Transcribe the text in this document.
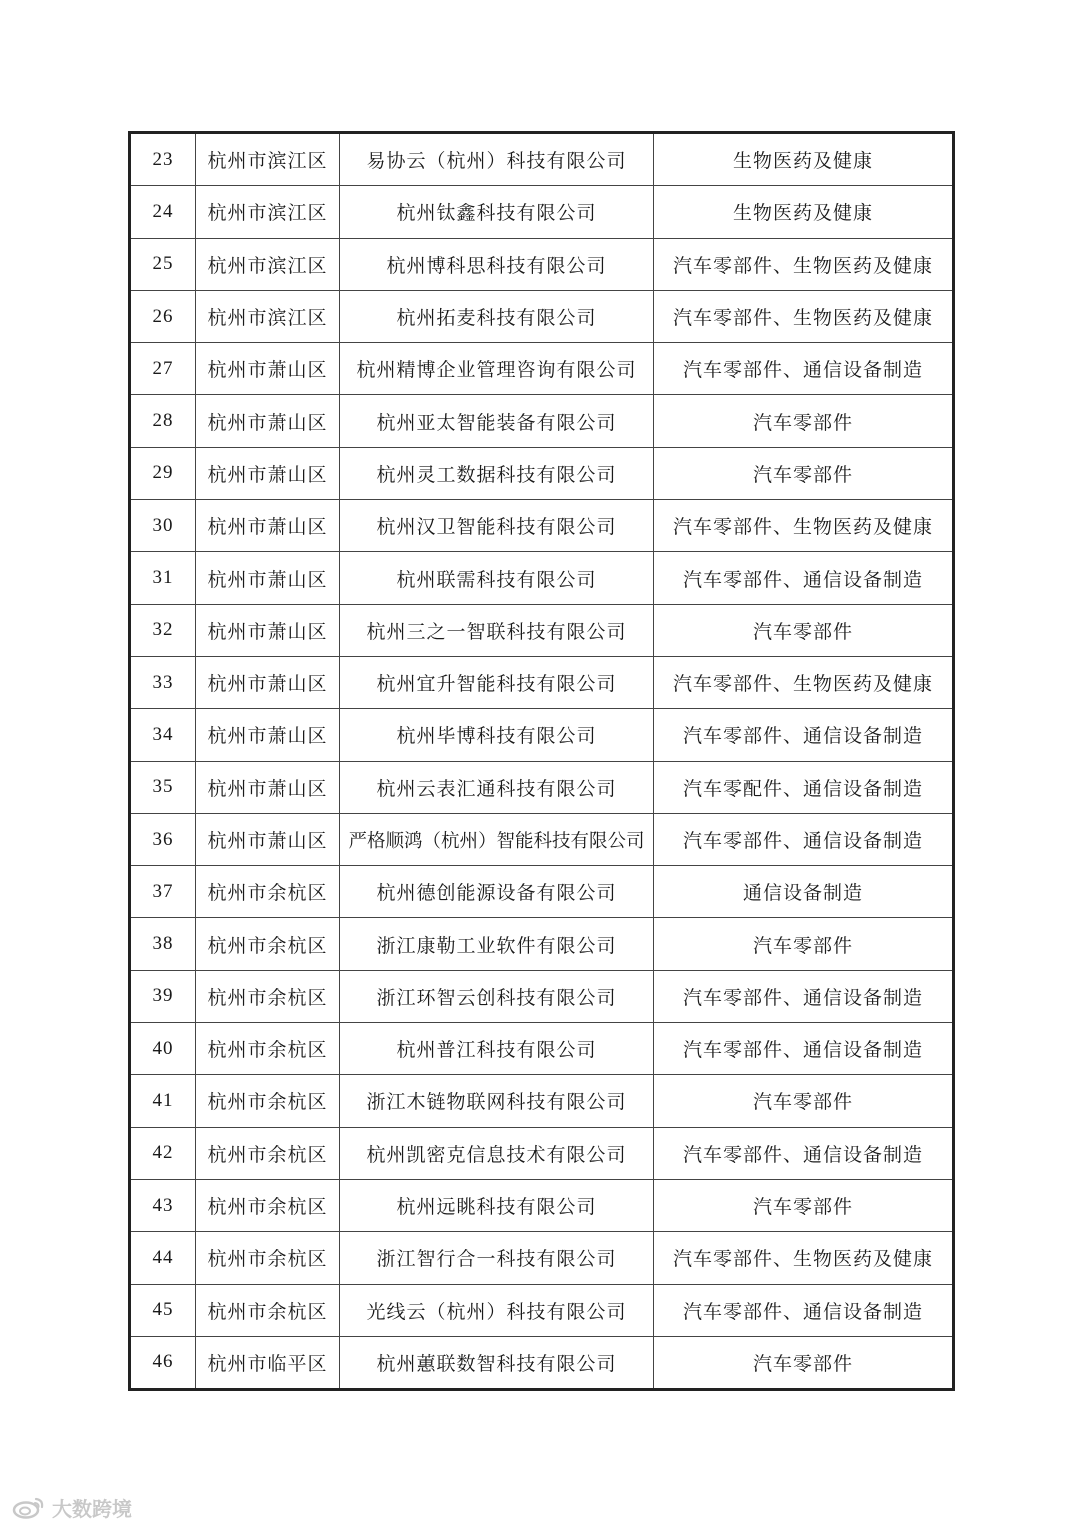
23	杭州市滨江区	易协云（杭州）科技有限公司	生物医药及健康
24	杭州市滨江区	杭州钛鑫科技有限公司	生物医药及健康
25	杭州市滨江区	杭州博科思科技有限公司	汽车零部件、生物医药及健康
26	杭州市滨江区	杭州拓麦科技有限公司	汽车零部件、生物医药及健康
27	杭州市萧山区	杭州精博企业管理咨询有限公司	汽车零部件、通信设备制造
28	杭州市萧山区	杭州亚太智能装备有限公司	汽车零部件
29	杭州市萧山区	杭州灵工数据科技有限公司	汽车零部件
30	杭州市萧山区	杭州汉卫智能科技有限公司	汽车零部件、生物医药及健康
31	杭州市萧山区	杭州联需科技有限公司	汽车零部件、通信设备制造
32	杭州市萧山区	杭州三之一智联科技有限公司	汽车零部件
33	杭州市萧山区	杭州宜升智能科技有限公司	汽车零部件、生物医药及健康
34	杭州市萧山区	杭州毕博科技有限公司	汽车零部件、通信设备制造
35	杭州市萧山区	杭州云表汇通科技有限公司	汽车零配件、通信设备制造
36	杭州市萧山区	严格顺鸿（杭州）智能科技有限公司	汽车零部件、通信设备制造
37	杭州市余杭区	杭州德创能源设备有限公司	通信设备制造
38	杭州市余杭区	浙江康勒工业软件有限公司	汽车零部件
39	杭州市余杭区	浙江环智云创科技有限公司	汽车零部件、通信设备制造
40	杭州市余杭区	杭州普江科技有限公司	汽车零部件、通信设备制造
41	杭州市余杭区	浙江木链物联网科技有限公司	汽车零部件
42	杭州市余杭区	杭州凯密克信息技术有限公司	汽车零部件、通信设备制造
43	杭州市余杭区	杭州远眺科技有限公司	汽车零部件
44	杭州市余杭区	浙江智行合一科技有限公司	汽车零部件、生物医药及健康
45	杭州市余杭区	光线云（杭州）科技有限公司	汽车零部件、通信设备制造
46	杭州市临平区	杭州蕙联数智科技有限公司	汽车零部件
大数跨境
